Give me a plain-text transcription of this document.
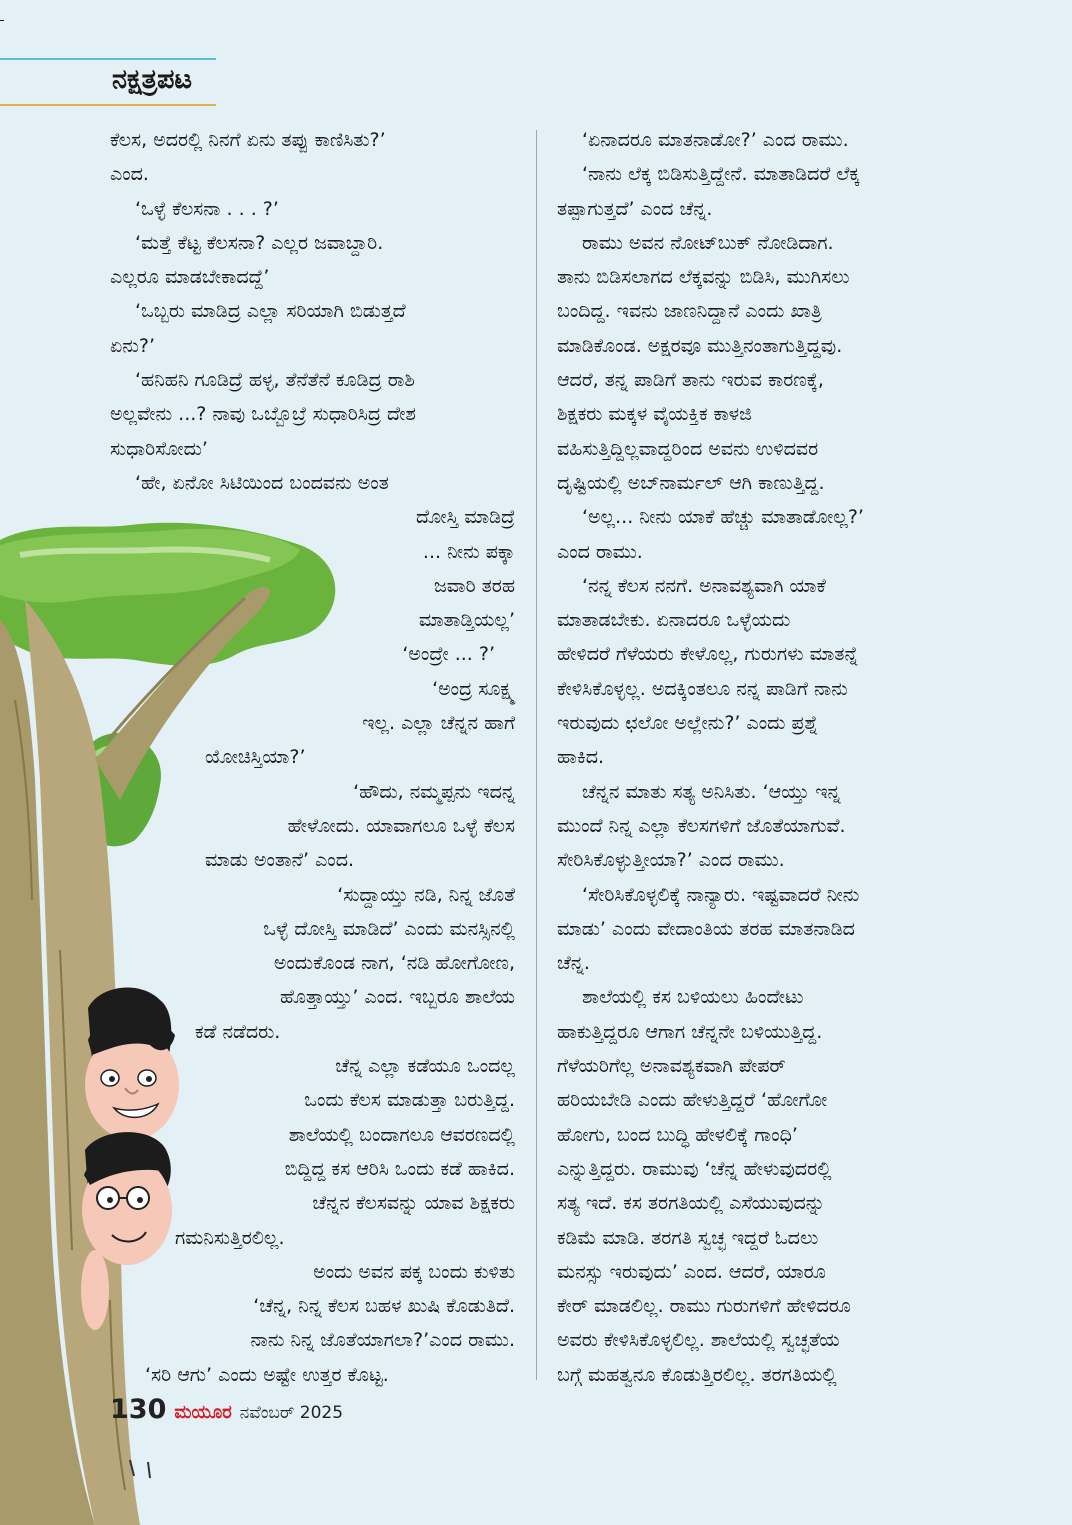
ನಕ್ಷತ್ರಪಟ

ಕೆಲಸ, ಅದರಲ್ಲಿ ನಿನಗೆ ಏನು ತಪ್ಪು ಕಾಣಿಸಿತು?’

ಎಂದ.

‘ಒಳ್ಳೆ ಕೆಲಸನಾ . . . ?’

‘ಮತ್ತೆ ಕೆಟ್ಟ ಕೆಲಸನಾ? ಎಲ್ಲರ ಜವಾಬ್ದಾರಿ.

ಎಲ್ಲರೂ ಮಾಡಬೇಕಾದದ್ದೆ’

‘ಒಬ್ಬರು ಮಾಡಿದ್ರ ಎಲ್ಲಾ ಸರಿಯಾಗಿ ಬಿಡುತ್ತದೆ

ಏನು?’

‘ಹನಿಹನಿ ಗೂಡಿದ್ರೆ ಹಳ್ಳ, ತೆನೆತೆನೆ ಕೂಡಿದ್ರ ರಾಶಿ

ಅಲ್ಲವೇನು ...? ನಾವು ಒಬ್ಬೊಬ್ರೆ ಸುಧಾರಿಸಿದ್ರ ದೇಶ

ಸುಧಾರಿಸೋದು’

‘ಹೇ, ಏನೋ ಸಿಟಿಯಿಂದ ಬಂದವನು ಅಂತ

ದೋಸ್ತಿ ಮಾಡಿದ್ರೆ

... ನೀನು ಪಕ್ಕಾ

ಜವಾರಿ ತರಹ

ಮಾತಾಡ್ತಿಯಲ್ಲ’

‘ಅಂದ್ರೇ ... ?’

‘ಅಂದ್ರ ಸೂಕ್ಷ್ಮ

ಇಲ್ಲ. ಎಲ್ಲಾ ಚೆನ್ನನ ಹಾಗೆ

ಯೋಚಿಸ್ತಿಯಾ?’

‘ಹೌದು, ನಮ್ಮಪ್ಪನು ಇದನ್ನ

ಹೇಳೋದು. ಯಾವಾಗಲೂ ಒಳ್ಳೆ ಕೆಲಸ

ಮಾಡು ಅಂತಾನೆ’ ಎಂದ.

‘ಸುದ್ದಾಯ್ತು ನಡಿ, ನಿನ್ನ ಜೊತೆ

ಒಳ್ಳೆ ದೋಸ್ತಿ ಮಾಡಿದೆ’ ಎಂದು ಮನಸ್ಸಿನಲ್ಲಿ

ಅಂದುಕೊಂಡ ನಾಗ, ‘ನಡಿ ಹೋಗೋಣ,

ಹೊತ್ತಾಯ್ತು’ ಎಂದ. ಇಬ್ಬರೂ ಶಾಲೆಯ

ಕಡೆ ನಡೆದರು.

ಚೆನ್ನ ಎಲ್ಲಾ ಕಡೆಯೂ ಒಂದಲ್ಲ

ಒಂದು ಕೆಲಸ ಮಾಡುತ್ತಾ ಬರುತ್ತಿದ್ದ.

ಶಾಲೆಯಲ್ಲಿ ಬಂದಾಗಲೂ ಆವರಣದಲ್ಲಿ

ಬಿದ್ದಿದ್ದ ಕಸ ಆರಿಸಿ ಒಂದು ಕಡೆ ಹಾಕಿದ.

ಚೆನ್ನನ ಕೆಲಸವನ್ನು ಯಾವ ಶಿಕ್ಷಕರು

ಗಮನಿಸುತ್ತಿರಲಿಲ್ಲ.

ಅಂದು ಅವನ ಪಕ್ಕ ಬಂದು ಕುಳಿತು

‘ಚೆನ್ನ, ನಿನ್ನ ಕೆಲಸ ಬಹಳ ಖುಷಿ ಕೊಡುತಿದೆ.

ನಾನು ನಿನ್ನ ಜೊತೆಯಾಗಲಾ?’ಎಂದ ರಾಮು.

‘ಸರಿ ಆಗು’ ಎಂದು ಅಷ್ಟೇ ಉತ್ತರ ಕೊಟ್ಟ.

‘ಏನಾದರೂ ಮಾತನಾಡೋ?’ ಎಂದ ರಾಮು.

‘ನಾನು ಲೆಕ್ಕ ಬಿಡಿಸುತ್ತಿದ್ದೇನೆ. ಮಾತಾಡಿದರೆ ಲೆಕ್ಕ

ತಪ್ಪಾಗುತ್ತದೆ’ ಎಂದ ಚೆನ್ನ.

ರಾಮು ಅವನ ನೋಟ್‌ಬುಕ್ ನೋಡಿದಾಗ.

ತಾನು ಬಿಡಿಸಲಾಗದ ಲೆಕ್ಕವನ್ನು ಬಿಡಿಸಿ, ಮುಗಿಸಲು

ಬಂದಿದ್ದ. ಇವನು ಜಾಣನಿದ್ದಾನೆ ಎಂದು ಖಾತ್ರಿ

ಮಾಡಿಕೊಂಡ. ಅಕ್ಷರವೂ ಮುತ್ತಿನಂತಾಗುತ್ತಿದ್ದವು.

ಆದರೆ, ತನ್ನ ಪಾಡಿಗೆ ತಾನು ಇರುವ ಕಾರಣಕ್ಕೆ,

ಶಿಕ್ಷಕರು ಮಕ್ಕಳ ವೈಯಕ್ತಿಕ ಕಾಳಜಿ

ವಹಿಸುತ್ತಿದ್ದಿಲ್ಲವಾದ್ದರಿಂದ ಅವನು ಉಳಿದವರ

ದೃಷ್ಟಿಯಲ್ಲಿ ಅಬ್‌ನಾರ್ಮಲ್ ಆಗಿ ಕಾಣುತ್ತಿದ್ದ.

‘ಅಲ್ಲ... ನೀನು ಯಾಕೆ ಹೆಚ್ಚು ಮಾತಾಡೋಲ್ಲ?’

ಎಂದ ರಾಮು.

‘ನನ್ನ ಕೆಲಸ ನನಗೆ. ಅನಾವಶ್ಯವಾಗಿ ಯಾಕೆ

ಮಾತಾಡಬೇಕು. ಏನಾದರೂ ಒಳ್ಳೆಯದು

ಹೇಳಿದರೆ ಗೆಳೆಯರು ಕೇಳೊಲ್ಲ, ಗುರುಗಳು ಮಾತನ್ನೆ

ಕೇಳಿಸಿಕೊಳ್ಳಲ್ಲ. ಅದಕ್ಕಿಂತಲೂ ನನ್ನ ಪಾಡಿಗೆ ನಾನು

ಇರುವುದು ಛಲೋ ಅಲ್ಲೇನು?’ ಎಂದು ಪ್ರಶ್ನೆ

ಹಾಕಿದ.

ಚೆನ್ನನ ಮಾತು ಸತ್ಯ ಅನಿಸಿತು. ‘ಆಯ್ತು ಇನ್ನ

ಮುಂದೆ ನಿನ್ನ ಎಲ್ಲಾ ಕೆಲಸಗಳಿಗೆ ಜೊತೆಯಾಗುವೆ.

ಸೇರಿಸಿಕೊಳ್ಳುತ್ತೀಯಾ?’ ಎಂದ ರಾಮು.

‘ಸೇರಿಸಿಕೊಳ್ಳಲಿಕ್ಕೆ ನಾನ್ಯಾರು. ಇಷ್ಟವಾದರೆ ನೀನು

ಮಾಡು’ ಎಂದು ವೇದಾಂತಿಯ ತರಹ ಮಾತನಾಡಿದ

ಚೆನ್ನ.

ಶಾಲೆಯಲ್ಲಿ ಕಸ ಬಳಿಯಲು ಹಿಂದೇಟು

ಹಾಕುತ್ತಿದ್ದರೂ ಆಗಾಗ ಚೆನ್ನನೇ ಬಳಿಯುತ್ತಿದ್ದ.

ಗೆಳೆಯರಿಗೆಲ್ಲ ಅನಾವಶ್ಯಕವಾಗಿ ಪೇಪರ್

ಹರಿಯಬೇಡಿ ಎಂದು ಹೇಳುತ್ತಿದ್ದರೆ ‘ಹೋಗೋ

ಹೋಗು, ಬಂದ ಬುದ್ಧಿ ಹೇಳಲಿಕ್ಕೆ ಗಾಂಧಿ’

ಎನ್ನುತ್ತಿದ್ದರು. ರಾಮುವು ‘ಚೆನ್ನ ಹೇಳುವುದರಲ್ಲಿ

ಸತ್ಯ ಇದೆ. ಕಸ ತರಗತಿಯಲ್ಲಿ ಎಸೆಯುವುದನ್ನು

ಕಡಿಮೆ ಮಾಡಿ. ತರಗತಿ ಸ್ವಚ್ಛ ಇದ್ದರೆ ಓದಲು

ಮನಸ್ಸು ಇರುವುದು’ ಎಂದ. ಆದರೆ, ಯಾರೂ

ಕೇರ್ ಮಾಡಲಿಲ್ಲ. ರಾಮು ಗುರುಗಳಿಗೆ ಹೇಳಿದರೂ

ಅವರು ಕೇಳಿಸಿಕೊಳ್ಳಲಿಲ್ಲ. ಶಾಲೆಯಲ್ಲಿ ಸ್ವಚ್ಛತೆಯ

ಬಗ್ಗೆ ಮಹತ್ವನೂ ಕೊಡುತ್ತಿರಲಿಲ್ಲ. ತರಗತಿಯಲ್ಲಿ

130 ಮಯೂರ ನವೆಂಬರ್ 2025
